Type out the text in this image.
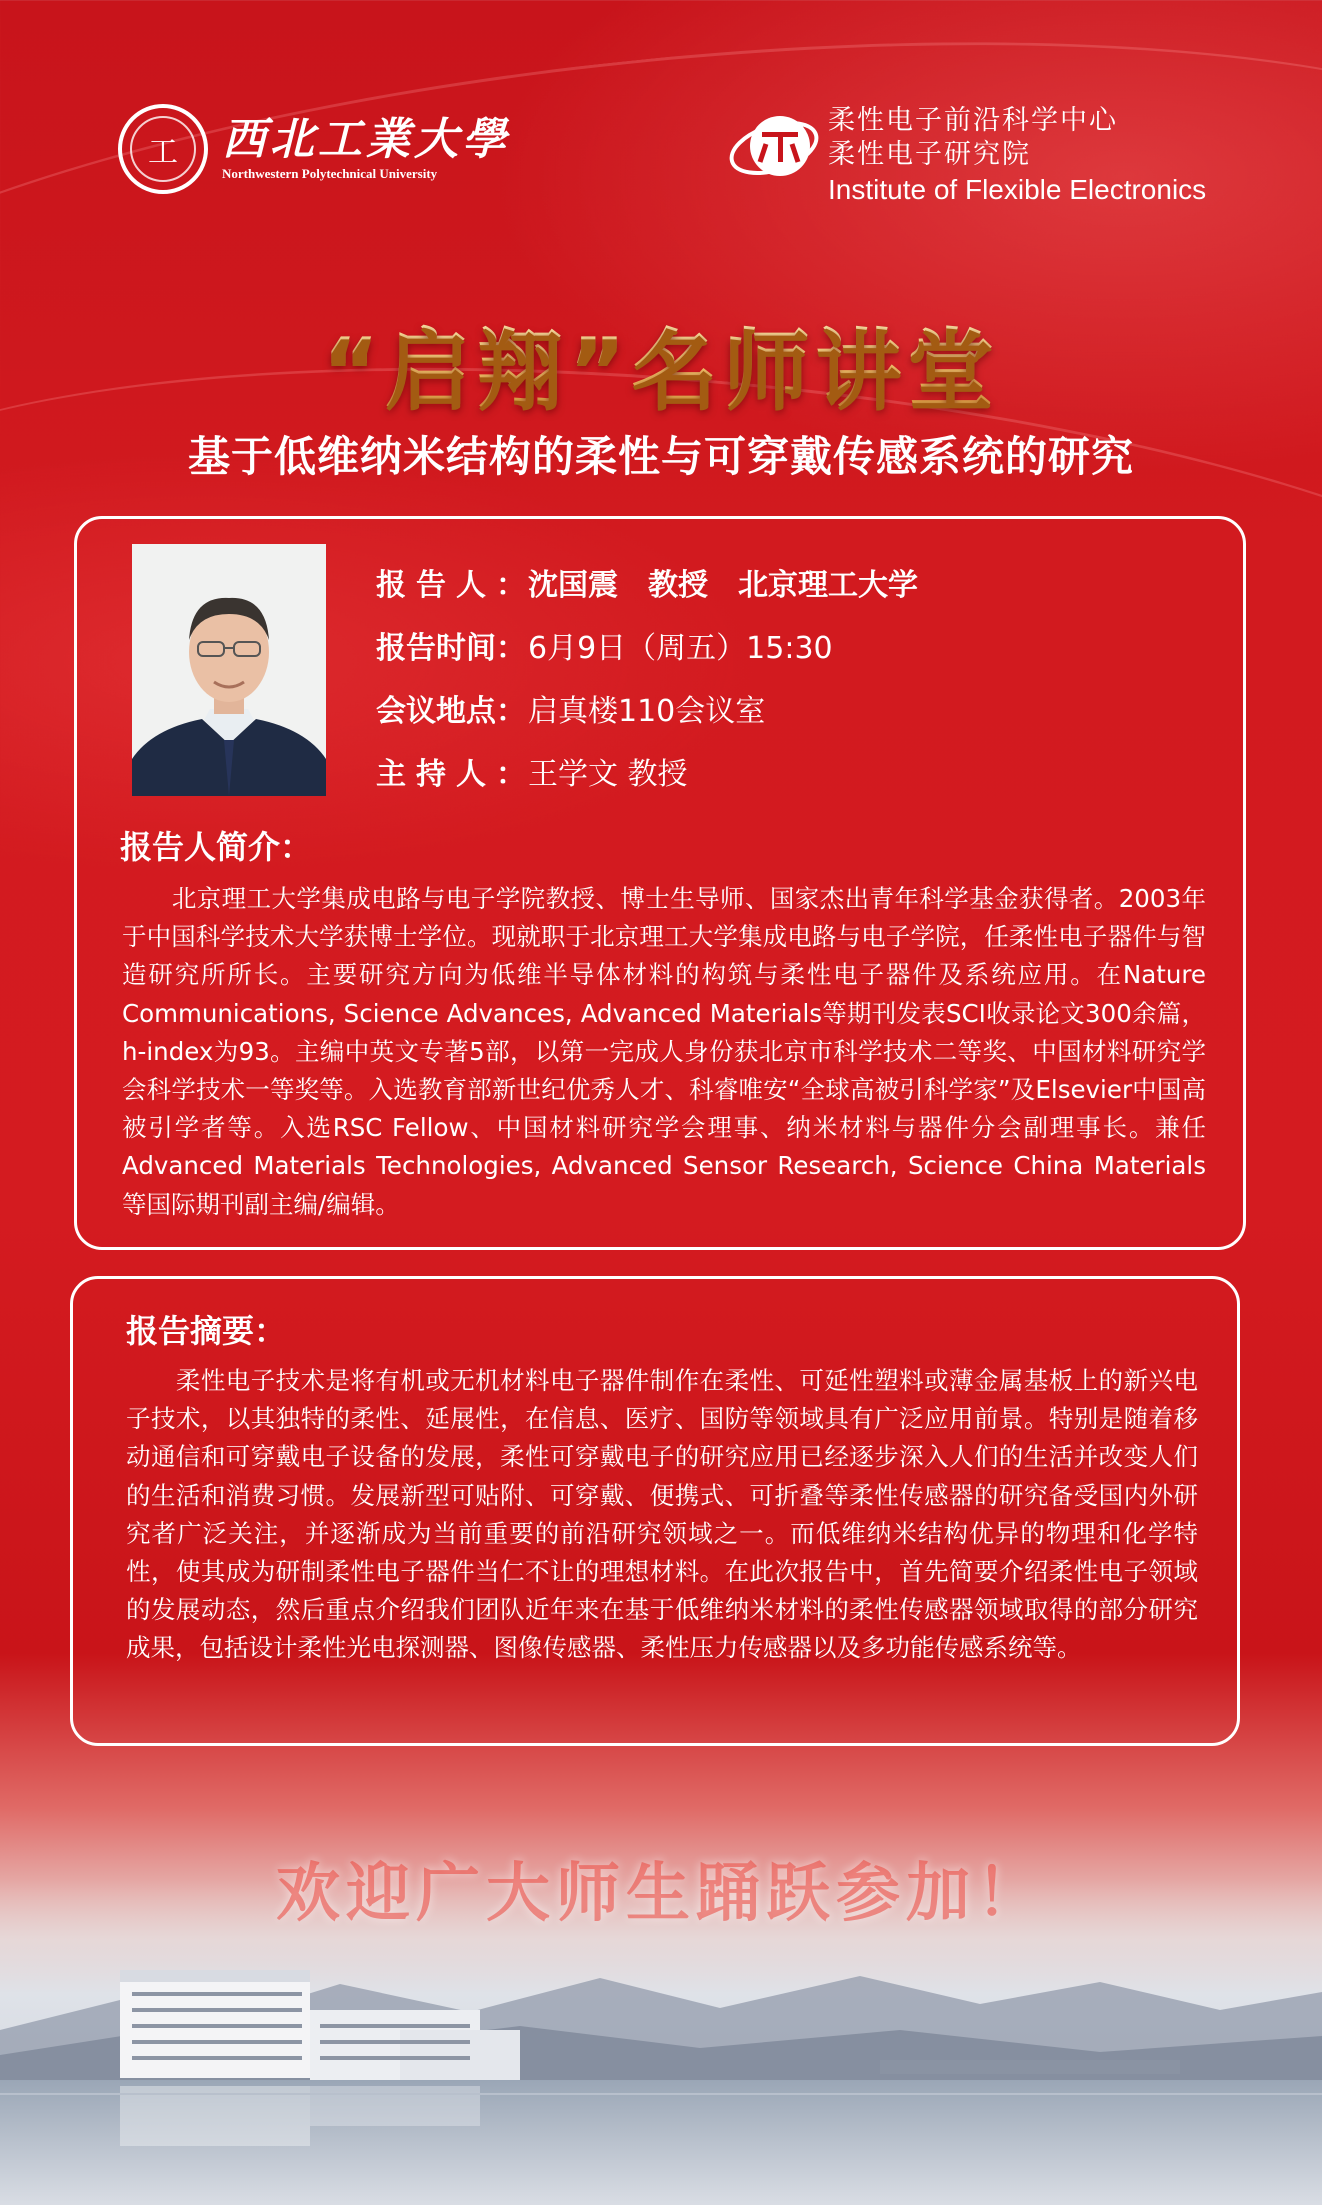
工 西北工業大學
Northwestern Polytechnical University
柔性电子前沿科学中心
柔性电子研究院
Institute of Flexible Electronics
“启翔”名师讲堂
基于低维纳米结构的柔性与可穿戴传感系统的研究
报告人：
沈国震　教授　北京理工大学
报告时间： 6月9日（周五）15:30
会议地点： 启真楼110会议室
主持人：
王学文 教授
报告人简介：
　　北京理工大学集成电路与电子学院教授、博士生导师、国家杰出青年科学基金获得者。2003年于中国科学技术大学获博士学位。现就职于北京理工大学集成电路与电子学院，任柔性电子器件与智造研究所所长。主要研究方向为低维半导体材料的构筑与柔性电子器件及系统应用。在Nature Communications, Science Advances, Advanced Materials等期刊发表SCI收录论文300余篇，h-index为93。主编中英文专著5部，以第一完成人身份获北京市科学技术二等奖、中国材料研究学会科学技术一等奖等。入选教育部新世纪优秀人才、科睿唯安“全球高被引科学家”及Elsevier中国高被引学者等。入选RSC Fellow、中国材料研究学会理事、纳米材料与器件分会副理事长。兼任Advanced Materials Technologies, Advanced Sensor Research, Science China Materials等国际期刊副主编/编辑。
报告摘要：
　　柔性电子技术是将有机或无机材料电子器件制作在柔性、可延性塑料或薄金属基板上的新兴电子技术，以其独特的柔性、延展性，在信息、医疗、国防等领域具有广泛应用前景。特别是随着移动通信和可穿戴电子设备的发展，柔性可穿戴电子的研究应用已经逐步深入人们的生活并改变人们的生活和消费习惯。发展新型可贴附、可穿戴、便携式、可折叠等柔性传感器的研究备受国内外研究者广泛关注，并逐渐成为当前重要的前沿研究领域之一。而低维纳米结构优异的物理和化学特性，使其成为研制柔性电子器件当仁不让的理想材料。在此次报告中，首先简要介绍柔性电子领域的发展动态，然后重点介绍我们团队近年来在基于低维纳米材料的柔性传感器领域取得的部分研究成果，包括设计柔性光电探测器、图像传感器、柔性压力传感器以及多功能传感系统等。
欢迎广大师生踊跃参加！
